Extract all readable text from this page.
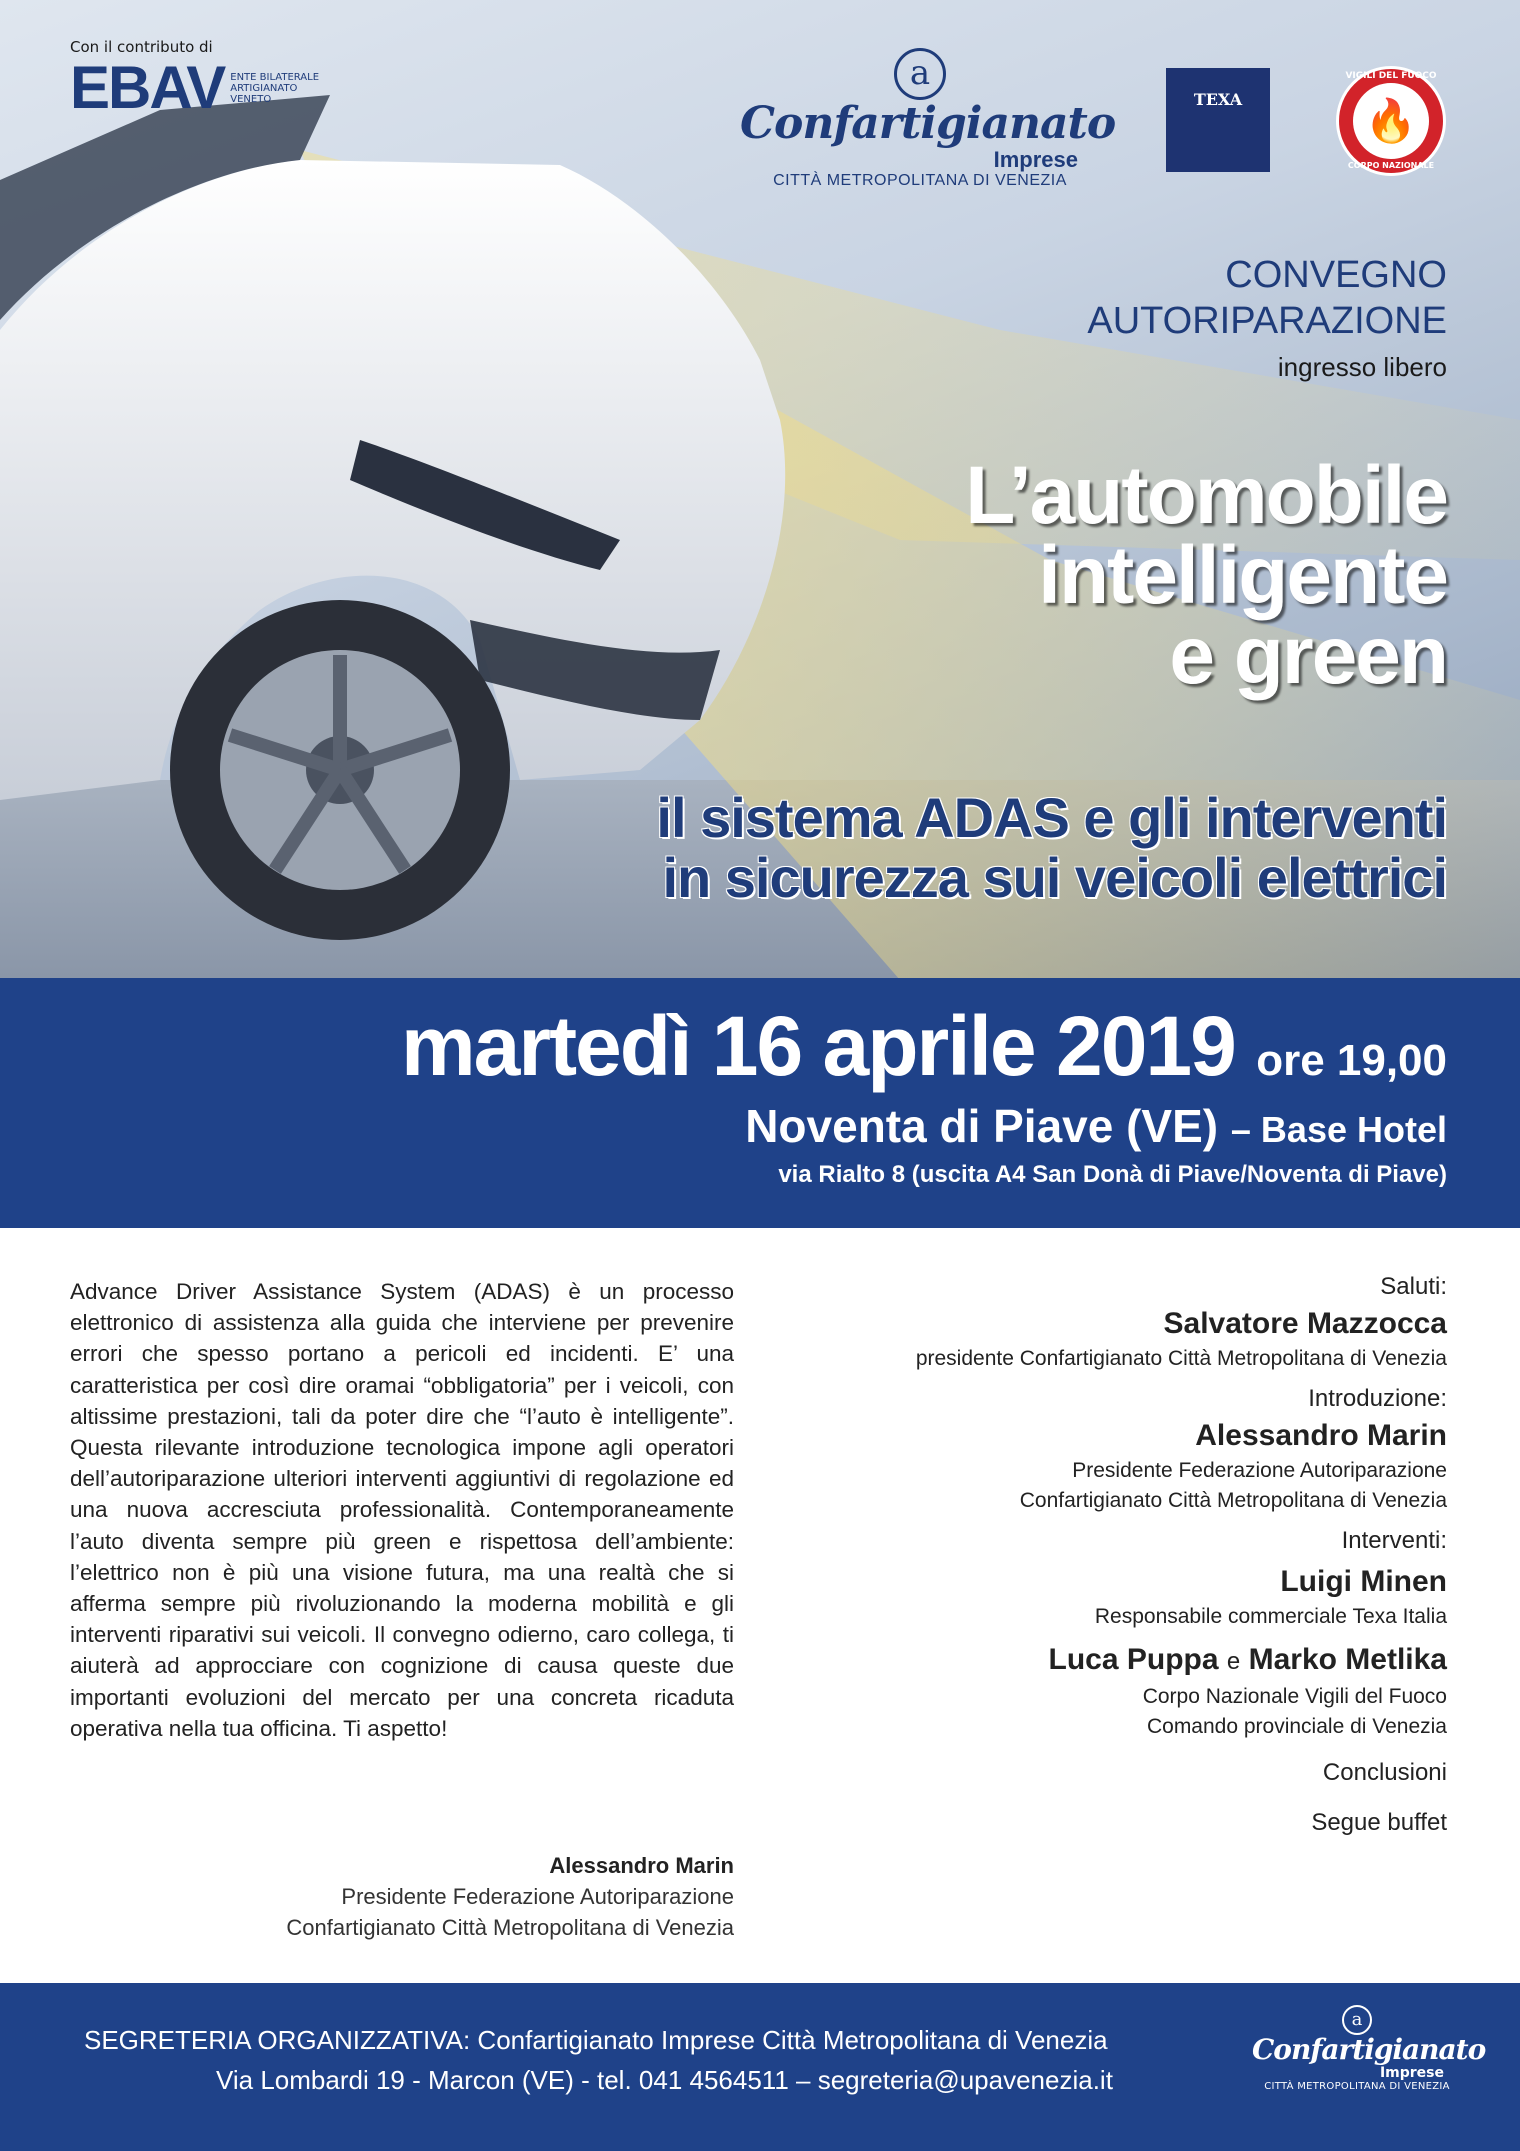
Con il contributo di
EBAV ENTE BILATERALE ARTIGIANATO VENETO
a
Confartigianato
Imprese
CITTÀ METROPOLITANA DI VENEZIA
TEXA
VIGILI DEL FUOCO
🔥
CORPO NAZIONALE
CONVEGNO
AUTORIPARAZIONE
ingresso libero
L’automobile
intelligente
e green
il sistema ADAS e gli interventi
in sicurezza sui veicoli elettrici
martedì 16 aprile 2019 ore 19,00
Noventa di Piave (VE) – Base Hotel
via Rialto 8 (uscita A4 San Donà di Piave/Noventa di Piave)
Advance Driver Assistance System (ADAS) è un processo elettronico di assistenza alla guida che interviene per prevenire errori che spesso portano a pericoli ed incidenti. E’ una caratteristica per così dire oramai “obbligatoria” per i veicoli, con altissime prestazioni, tali da poter dire che “l’auto è intelligente”. Questa rilevante introduzione tecnologica impone agli operatori dell’autoriparazione ulteriori interventi aggiuntivi di regolazione ed una nuova accresciuta professionalità. Contemporaneamente l’auto diventa sempre più green e rispettosa dell’ambiente: l’elettrico non è più una visione futura, ma una realtà che si afferma sempre più rivoluzionando la moderna mobilità e gli interventi riparativi sui veicoli. Il convegno odierno, caro collega, ti aiuterà ad approcciare con cognizione di causa queste due importanti evoluzioni del mercato per una concreta ricaduta operativa nella tua officina. Ti aspetto!
Alessandro Marin
Presidente Federazione Autoriparazione
Confartigianato Città Metropolitana di Venezia
Saluti:
Salvatore Mazzocca
presidente Confartigianato Città Metropolitana di Venezia
Introduzione:
Alessandro Marin
Presidente Federazione Autoriparazione
Confartigianato Città Metropolitana di Venezia
Interventi:
Luigi Minen
Responsabile commerciale Texa Italia
Luca Puppa e Marko Metlika
Corpo Nazionale Vigili del Fuoco
Comando provinciale di Venezia
Conclusioni
Segue buffet
SEGRETERIA ORGANIZZATIVA: Confartigianato Imprese Città Metropolitana di Venezia
Via Lombardi 19 - Marcon (VE) - tel. 041 4564511 – segreteria@upavenezia.it
a
Confartigianato
Imprese
CITTÀ METROPOLITANA DI VENEZIA
